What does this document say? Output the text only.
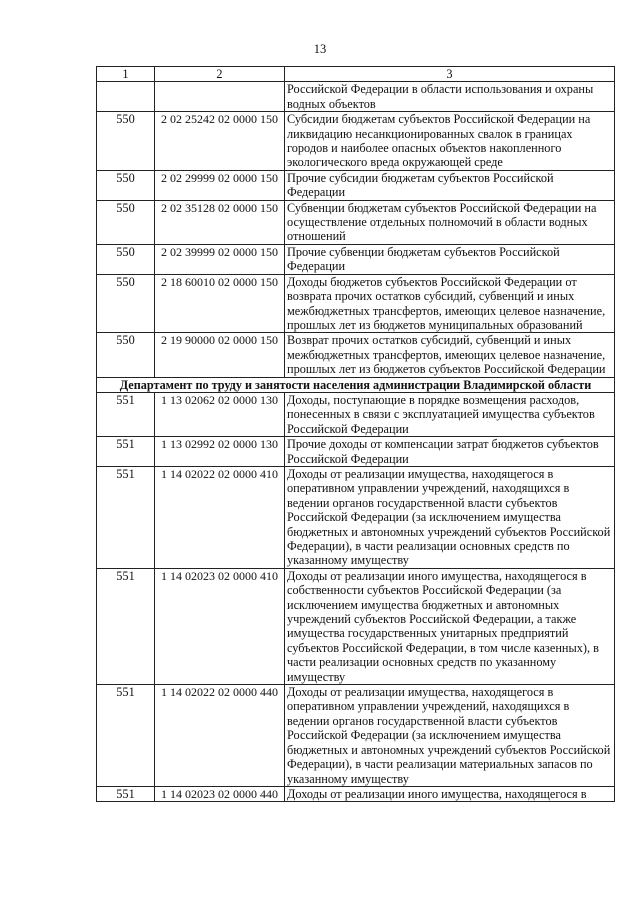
13
1	2	3
		Российской Федерации в области использования и охраны водных объектов
550	2 02 25242 02 0000 150	Субсидии бюджетам субъектов Российской Федерации на ликвидацию несанкционированных свалок в границах городов и наиболее опасных объектов накопленного экологического вреда окружающей среде
550	2 02 29999 02 0000 150	Прочие субсидии бюджетам субъектов Российской Федерации
550	2 02 35128 02 0000 150	Субвенции бюджетам субъектов Российской Федерации на осуществление отдельных полномочий в области водных отношений
550	2 02 39999 02 0000 150	Прочие субвенции бюджетам субъектов Российской Федерации
550	2 18 60010 02 0000 150	Доходы бюджетов субъектов Российской Федерации от возврата прочих остатков субсидий, субвенций и иных межбюджетных трансфертов, имеющих целевое назначение, прошлых лет из бюджетов муниципальных образований
550	2 19 90000 02 0000 150	Возврат прочих остатков субсидий, субвенций и иных межбюджетных трансфертов, имеющих целевое назначение, прошлых лет из бюджетов субъектов Российской Федерации
Департамент по труду и занятости населения администрации Владимирской области		
551	1 13 02062 02 0000 130	Доходы, поступающие в порядке возмещения расходов, понесенных в связи с эксплуатацией имущества субъектов Российской Федерации
551	1 13 02992 02 0000 130	Прочие доходы от компенсации затрат бюджетов субъектов Российской Федерации
551	1 14 02022 02 0000 410	Доходы от реализации имущества, находящегося в оперативном управлении учреждений, находящихся в ведении органов государственной власти субъектов Российской Федерации (за исключением имущества бюджетных и автономных учреждений субъектов Российской Федерации), в части реализации основных средств по указанному имуществу
551	1 14 02023 02 0000 410	Доходы от реализации иного имущества, находящегося в собственности субъектов Российской Федерации (за исключением имущества бюджетных и автономных учреждений субъектов Российской Федерации, а также имущества государственных унитарных предприятий субъектов Российской Федерации, в том числе казенных), в части реализации основных средств по указанному имуществу
551	1 14 02022 02 0000 440	Доходы от реализации имущества, находящегося в оперативном управлении учреждений, находящихся в ведении органов государственной власти субъектов Российской Федерации (за исключением имущества бюджетных и автономных учреждений субъектов Российской Федерации), в части реализации материальных запасов по указанному имуществу
551	1 14 02023 02 0000 440	Доходы от реализации иного имущества, находящегося в
